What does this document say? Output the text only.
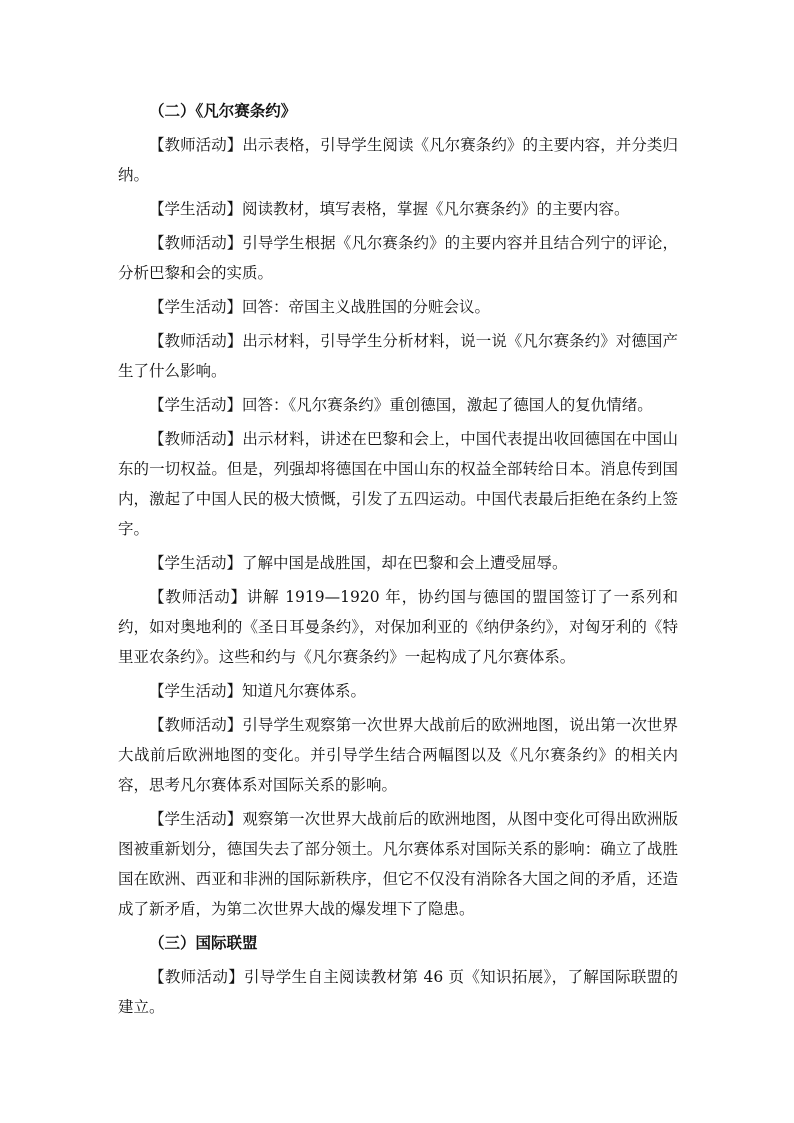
（二）《凡尔赛条约》

【教师活动】出示表格，引导学生阅读《凡尔赛条约》的主要内容，并分类归纳。

【学生活动】阅读教材，填写表格，掌握《凡尔赛条约》的主要内容。

【教师活动】引导学生根据《凡尔赛条约》的主要内容并且结合列宁的评论，分析巴黎和会的实质。

【学生活动】回答：帝国主义战胜国的分赃会议。

【教师活动】出示材料，引导学生分析材料，说一说《凡尔赛条约》对德国产生了什么影响。

【学生活动】回答：《凡尔赛条约》重创德国，激起了德国人的复仇情绪。

【教师活动】出示材料，讲述在巴黎和会上，中国代表提出收回德国在中国山东的一切权益。但是，列强却将德国在中国山东的权益全部转给日本。消息传到国内，激起了中国人民的极大愤慨，引发了五四运动。中国代表最后拒绝在条约上签字。

【学生活动】了解中国是战胜国，却在巴黎和会上遭受屈辱。

【教师活动】讲解 1919—1920 年，协约国与德国的盟国签订了一系列和约，如对奥地利的《圣日耳曼条约》，对保加利亚的《纳伊条约》，对匈牙利的《特里亚农条约》。这些和约与《凡尔赛条约》一起构成了凡尔赛体系。

【学生活动】知道凡尔赛体系。

【教师活动】引导学生观察第一次世界大战前后的欧洲地图，说出第一次世界大战前后欧洲地图的变化。并引导学生结合两幅图以及《凡尔赛条约》的相关内容，思考凡尔赛体系对国际关系的影响。

【学生活动】观察第一次世界大战前后的欧洲地图，从图中变化可得出欧洲版图被重新划分，德国失去了部分领土。凡尔赛体系对国际关系的影响：确立了战胜国在欧洲、西亚和非洲的国际新秩序，但它不仅没有消除各大国之间的矛盾，还造成了新矛盾，为第二次世界大战的爆发埋下了隐患。

（三）国际联盟

【教师活动】引导学生自主阅读教材第 46 页《知识拓展》，了解国际联盟的建立。
